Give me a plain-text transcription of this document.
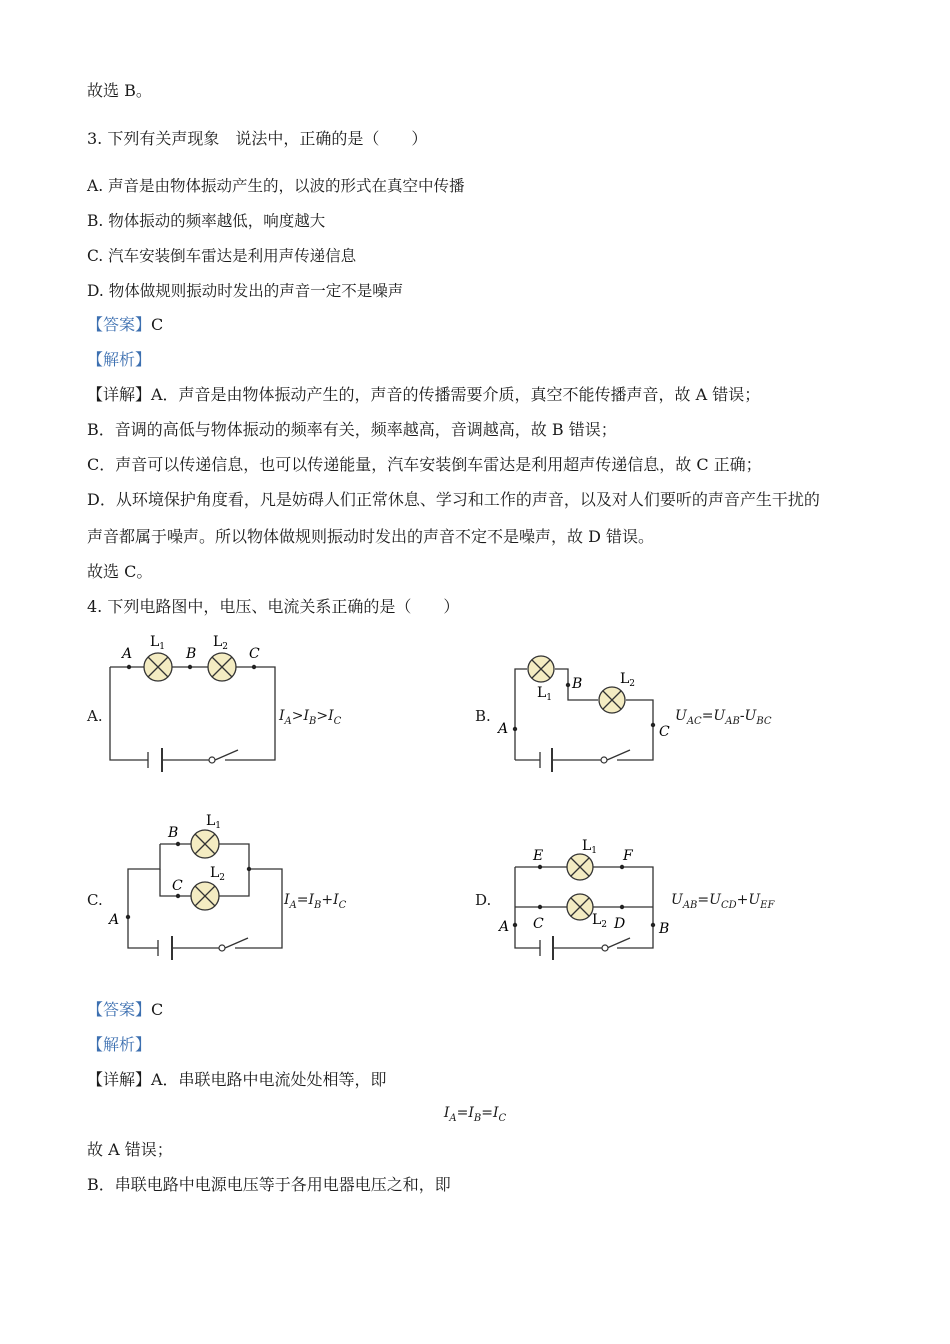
故选 B。
3. 下列有关声现象　说法中，正确的是（　　）
A. 声音是由物体振动产生的，以波的形式在真空中传播
B. 物体振动的频率越低，响度越大
C. 汽车安装倒车雷达是利用声传递信息
D. 物体做规则振动时发出的声音一定不是噪声
【答案】C
【解析】
【详解】A．声音是由物体振动产生的，声音的传播需要介质，真空不能传播声音，故 A 错误；
B．音调的高低与物体振动的频率有关，频率越高，音调越高，故 B 错误；
C．声音可以传递信息，也可以传递能量，汽车安装倒车雷达是利用超声传递信息，故 C 正确；
D．从环境保护角度看，凡是妨碍人们正常休息、学习和工作的声音，以及对人们要听的声音产生干扰的
声音都属于噪声。所以物体做规则振动时发出的声音不定不是噪声，故 D 错误。
故选 C。
4. 下列电路图中，电压、电流关系正确的是（　　）
A.	B.
C.	D.
A	B	C
L1	L2
$I_A>I_B>I_C$
B
A	C
L1
L2
$U_{AC}=U_{AB}-U_{BC}$
B
C
A
L1
L2
$I_A=I_B+I_C$
E	F
C	D
A	B
L1
L2
$U_{AB}=U_{CD}+U_{EF}$
【答案】C
【解析】
【详解】A．串联电路中电流处处相等，即
$I_A=I_B=I_C$
故 A 错误；
B．串联电路中电源电压等于各用电器电压之和，即
